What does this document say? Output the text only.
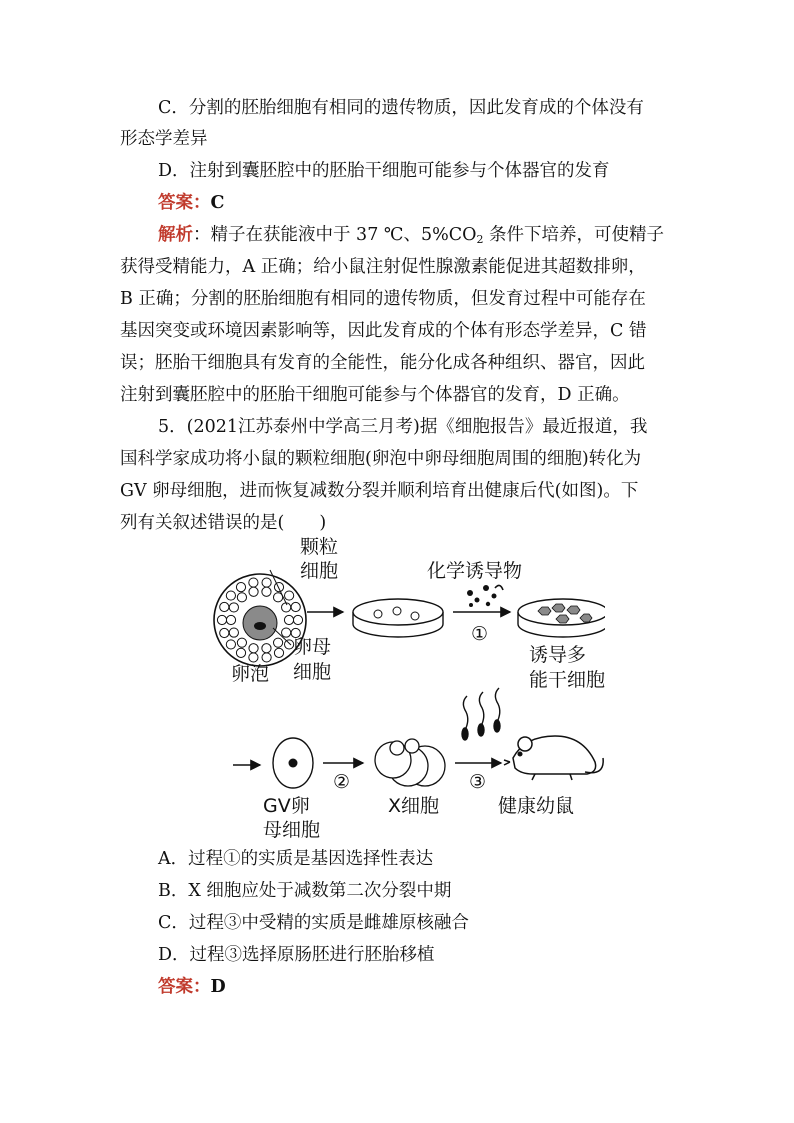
C．分割的胚胎细胞有相同的遗传物质，因此发育成的个体没有
形态学差异
D．注射到囊胚腔中的胚胎干细胞可能参与个体器官的发育
答案：C
解析：精子在获能液中于 37 ℃、$5\%CO_2$ 条件下培养，可使精子
获得受精能力，A 正确；给小鼠注射促性腺激素能促进其超数排卵，
B 正确；分割的胚胎细胞有相同的遗传物质，但发育过程中可能存在
基因突变或环境因素影响等，因此发育成的个体有形态学差异，C 错
误；胚胎干细胞具有发育的全能性，能分化成各种组织、器官，因此
注射到囊胚腔中的胚胎干细胞可能参与个体器官的发育，D 正确。
5．(2021江苏泰州中学高三月考)据《细胞报告》最近报道，我
国科学家成功将小鼠的颗粒细胞(卵泡中卵母细胞周围的细胞)转化为
GV 卵母细胞，进而恢复减数分裂并顺利培育出健康后代(如图)。下
列有关叙述错误的是(　　)
颗粒
细胞
卵母
细胞
卵泡
化学诱导物
①
诱导多
能干细胞
GV卵
母细胞
②
X细胞
③
健康幼鼠
A．过程①的实质是基因选择性表达
B．X 细胞应处于减数第二次分裂中期
C．过程③中受精的实质是雌雄原核融合
D．过程③选择原肠胚进行胚胎移植
答案：D
